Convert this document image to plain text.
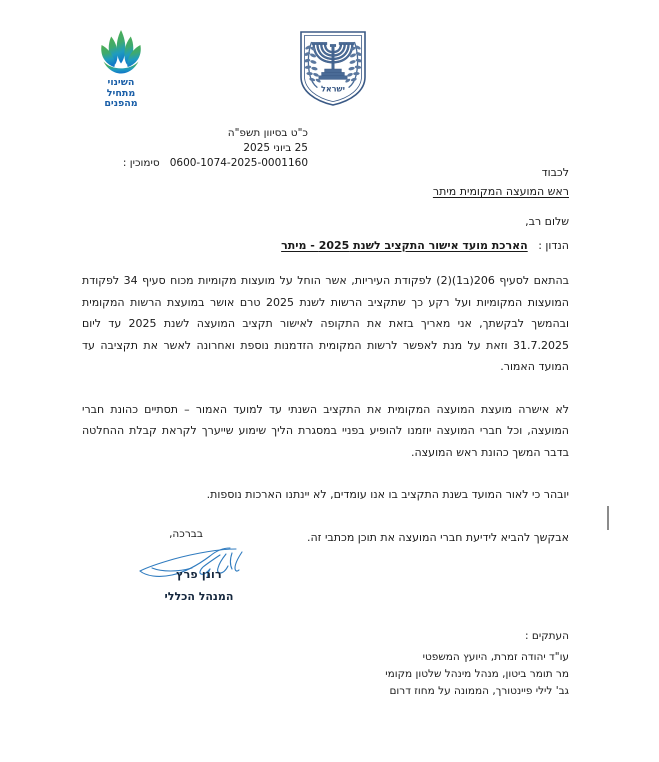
השינוי
מתחיל
מהפנים
ישראל
כ"ט בסיוון תשפ"ה
25 ביוני 2025
0600-1074-2025-0001160   סימוכין :
לכבוד
ראש המועצה המקומית מיתר
שלום רב,
הנדון :   הארכת מועד אישור התקציב לשנת 2025 - מיתר

בהתאם לסעיף 206(ב1)(2) לפקודת העיריות, אשר הוחל על מועצות מקומיות מכוח סעיף 34 לפקודת המועצות המקומיות ועל רקע כך שתקציב הרשות לשנת 2025 טרם אושר במועצת הרשות המקומית ובהמשך לבקשתך, אני מאריך בזאת את התקופה לאישור תקציב המועצה לשנת 2025 עד ליום 31.7.2025 וזאת על מנת לאפשר לרשות המקומית הזדמנות נוספת ואחרונה לאשר את תקציבה עד המועד האמור.

לא אישרה מועצת המועצה המקומית את התקציב השנתי עד למועד האמור – תסתיים כהונת חברי המועצה, וכל חברי המועצה יוזמנו להופיע בפניי במסגרת הליך שימוע שייערך לקראת קבלת ההחלטה בדבר המשך כהונת ראש המועצה.

יובהר כי לאור המועד בשנת התקציב בו אנו עומדים, לא יינתנו הארכות נוספות.

אבקשך להביא לידיעת חברי המועצה את תוכן מכתבי זה.

בברכה,
רונן פרץ
המנהל הכללי
העתקים :
עו"ד יהודה זמרת, היועץ המשפטי
מר תומר ביטון, מנהל מינהל שלטון מקומי
גב' לילי פיינטורך, הממונה על מחוז דרום
